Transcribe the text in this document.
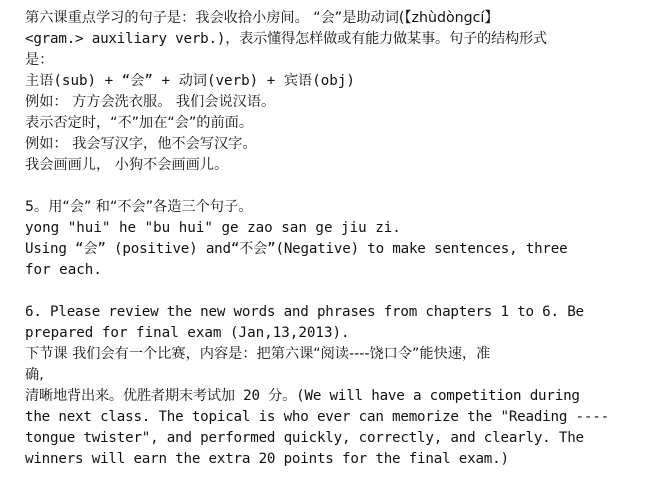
第六课重点学习的句子是：我会收拾小房间。 “会”是助动词(【zhùdòngcí】
<gram.> auxiliary verb.)，表示懂得怎样做或有能力做某事。句子的结构形式
是：
主语(sub) + “会” + 动词(verb) + 宾语(obj)
例如： 方方会洗衣服。 我们会说汉语。
表示否定时，“不”加在“会”的前面。
例如： 我会写汉字，他不会写汉字。
我会画画儿， 小狗不会画画儿。
5。用“会” 和“不会”各造三个句子。
yong "hui" he "bu hui" ge zao san ge jiu zi.
Using “会” (positive) and“不会”(Negative) to make sentences, three
for each.
6. Please review the new words and phrases from chapters 1 to 6. Be
prepared for final exam (Jan,13,2013).
下节课 我们会有一个比赛，内容是：把第六课“阅读----饶口令”能快速，准
确,
清晰地背出来。优胜者期末考试加 20 分。(We will have a competition during
the next class. The topical is who ever can memorize the "Reading ----
tongue twister", and performed quickly, correctly, and clearly. The
winners will earn the extra 20 points for the final exam.)
